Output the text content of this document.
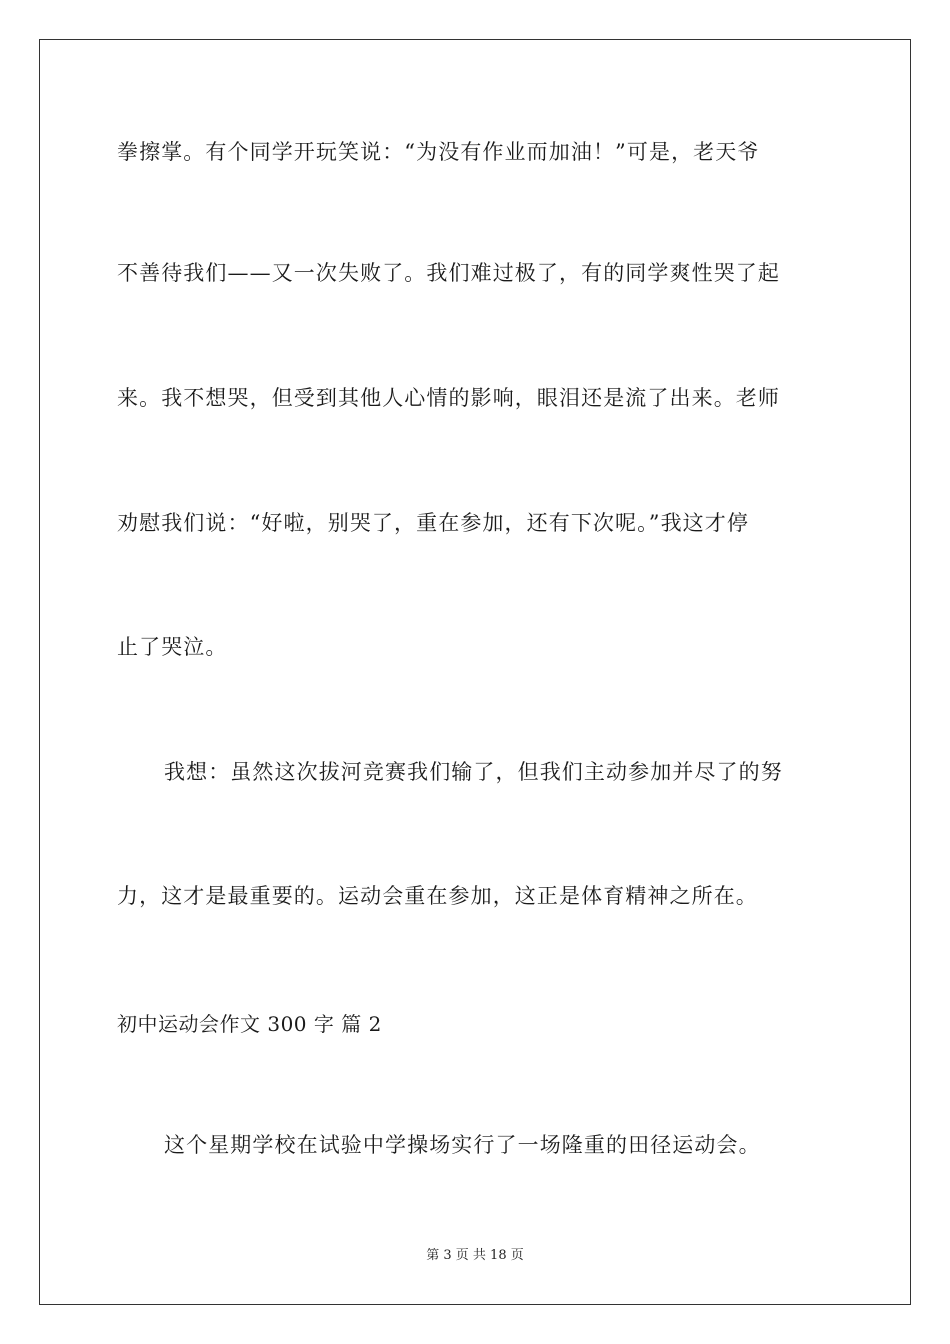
拳擦掌。有个同学开玩笑说：“为没有作业而加油！”可是，老天爷
不善待我们——又一次失败了。我们难过极了，有的同学爽性哭了起
来。我不想哭，但受到其他人心情的影响，眼泪还是流了出来。老师
劝慰我们说：“好啦，别哭了，重在参加，还有下次呢。”我这才停
止了哭泣。
我想：虽然这次拔河竞赛我们输了，但我们主动参加并尽了的努
力，这才是最重要的。运动会重在参加，这正是体育精神之所在。
初中运动会作文 300 字 篇 2
这个星期学校在试验中学操场实行了一场隆重的田径运动会。
第 3 页 共 18 页
